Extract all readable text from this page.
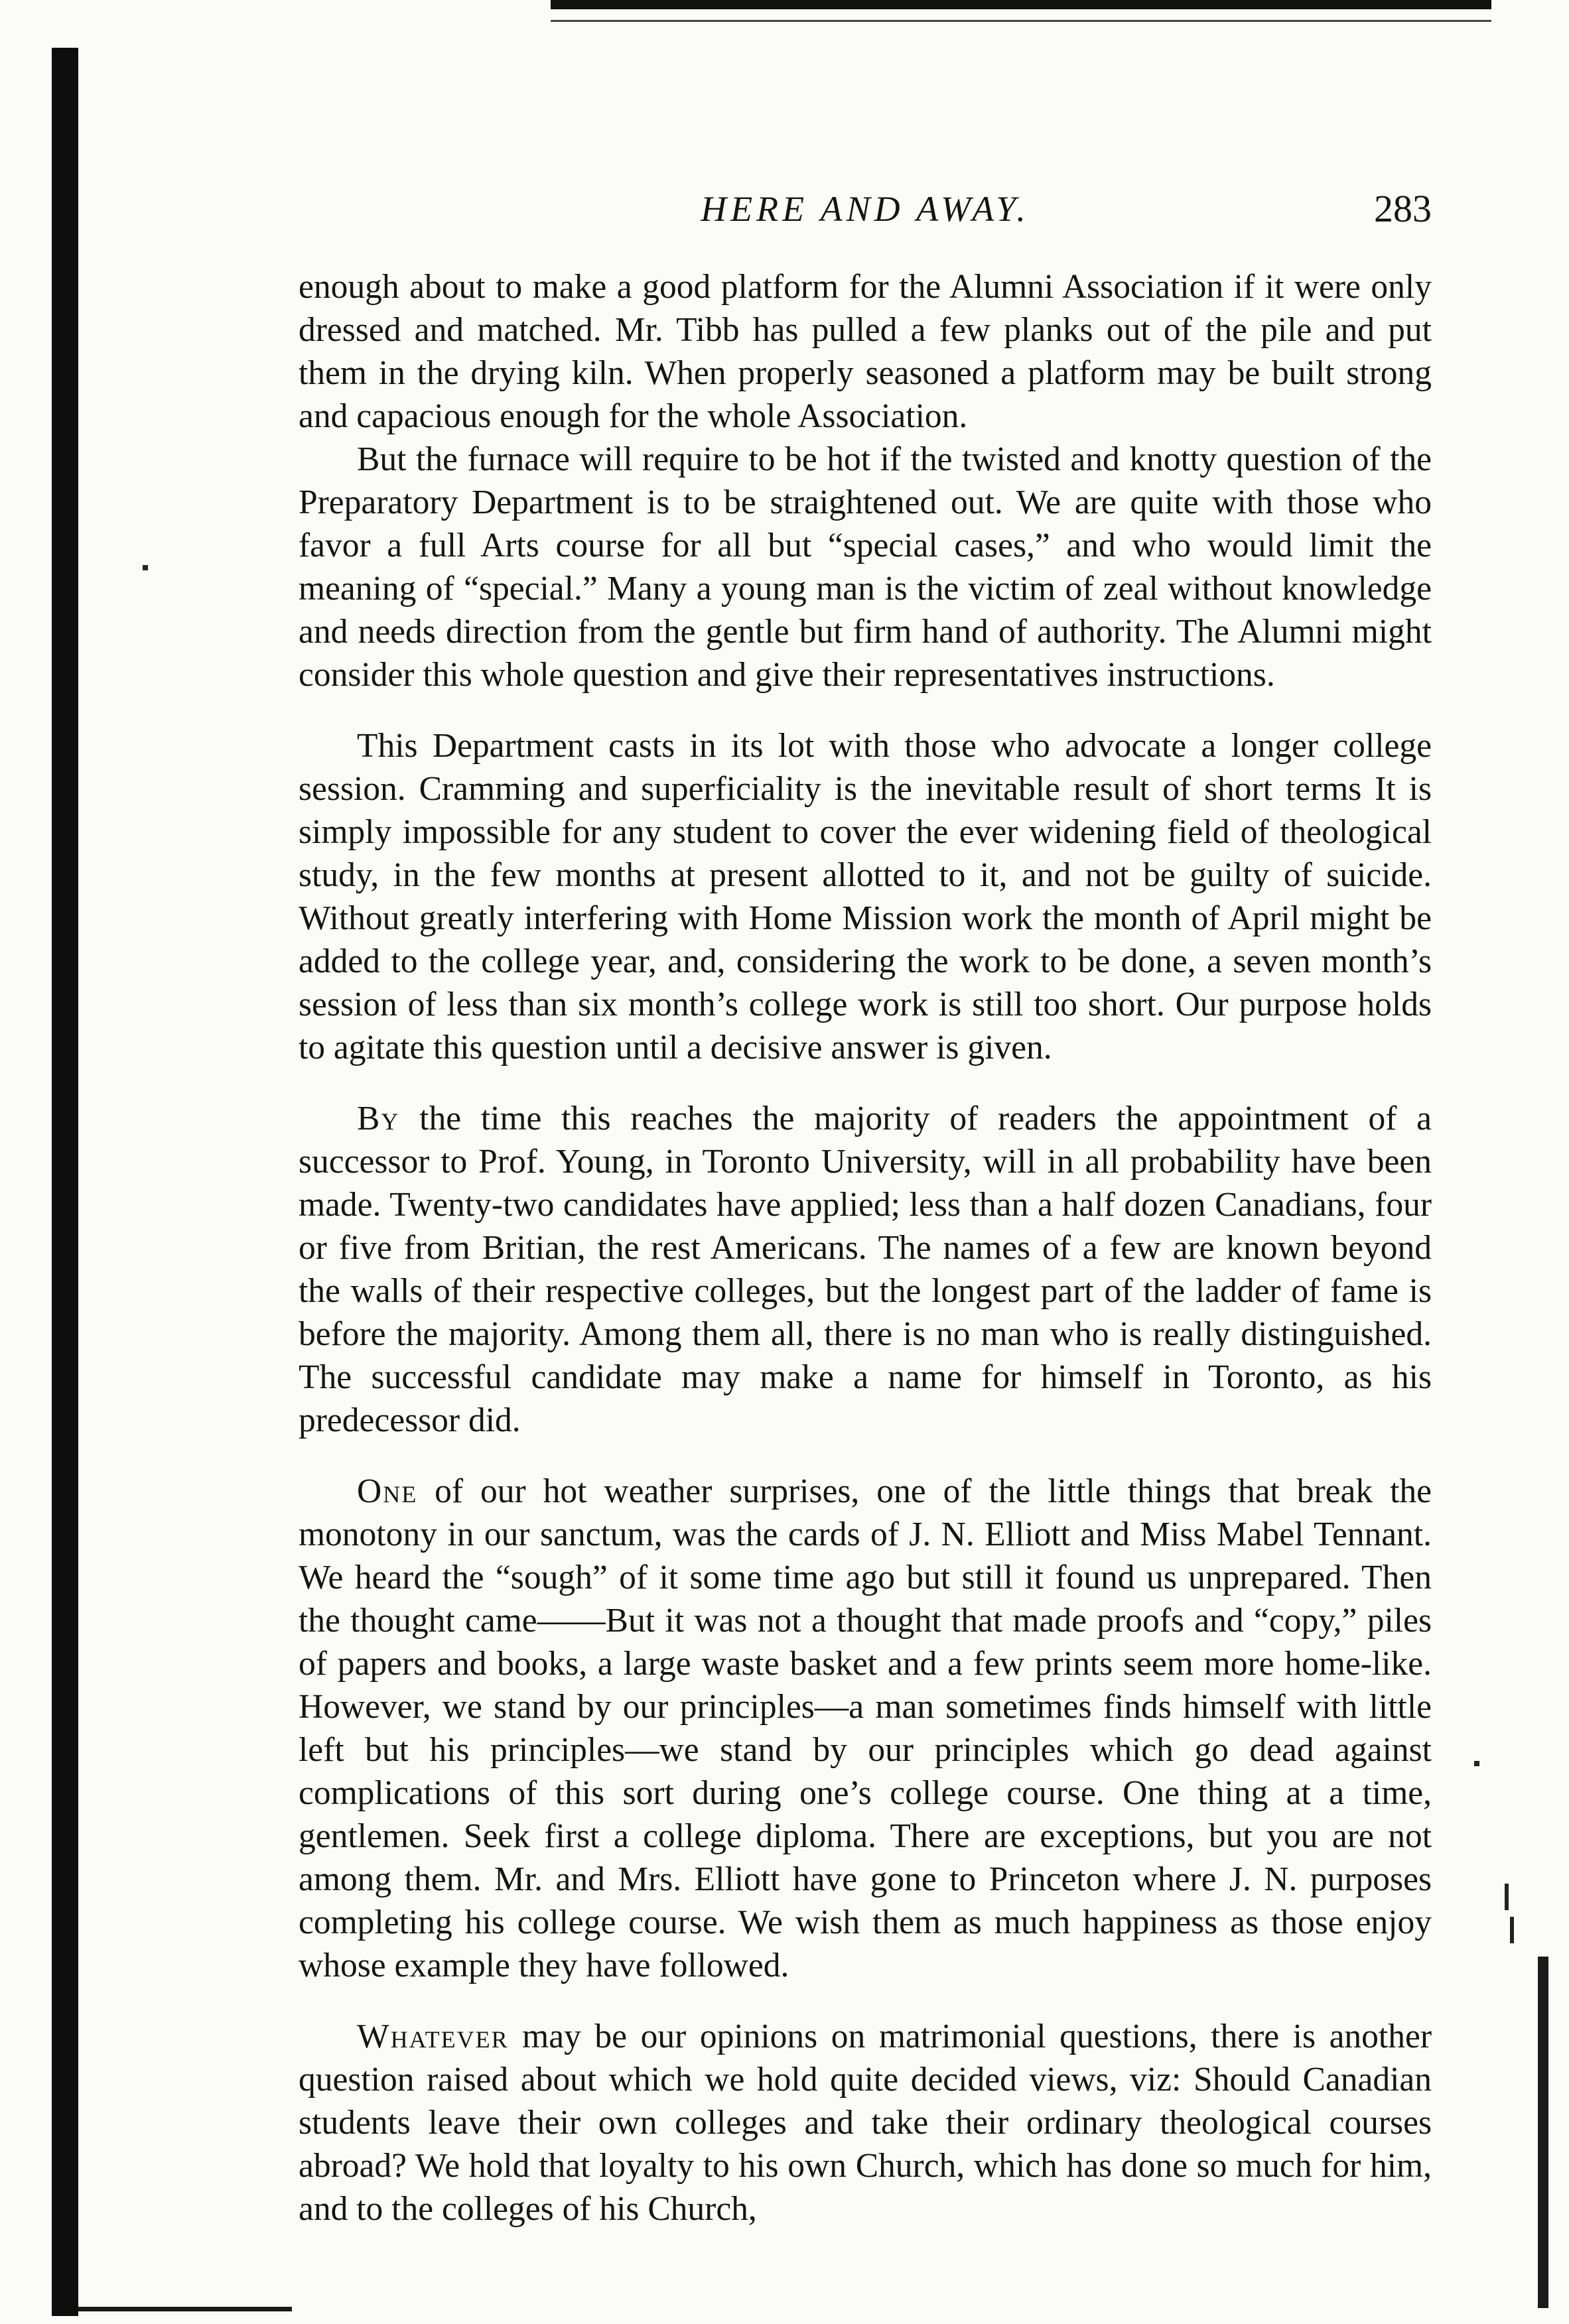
HERE AND AWAY.	283

enough about to make a good platform for the Alumni Association if it were only dressed and matched. Mr. Tibb has pulled a few planks out of the pile and put them in the drying kiln. When properly seasoned a platform may be built strong and capacious enough for the whole Association.

But the furnace will require to be hot if the twisted and knotty question of the Preparatory Department is to be straightened out. We are quite with those who favor a full Arts course for all but “special cases,” and who would limit the meaning of “special.” Many a young man is the victim of zeal without knowledge and needs direction from the gentle but firm hand of authority. The Alumni might consider this whole question and give their representatives instructions.

This Department casts in its lot with those who advocate a longer college session. Cramming and superficiality is the inevitable result of short terms It is simply impossible for any student to cover the ever widening field of theological study, in the few months at present allotted to it, and not be guilty of suicide. Without greatly interfering with Home Mission work the month of April might be added to the college year, and, considering the work to be done, a seven month’s session of less than six month’s college work is still too short. Our purpose holds to agitate this question until a decisive answer is given.

By the time this reaches the majority of readers the appointment of a successor to Prof. Young, in Toronto University, will in all probability have been made. Twenty-two candidates have applied; less than a half dozen Canadians, four or five from Britian, the rest Americans. The names of a few are known beyond the walls of their respective colleges, but the longest part of the ladder of fame is before the majority. Among them all, there is no man who is really distinguished. The successful candidate may make a name for himself in Toronto, as his predecessor did.

One of our hot weather surprises, one of the little things that break the monotony in our sanctum, was the cards of J. N. Elliott and Miss Mabel Tennant. We heard the “sough” of it some time ago but still it found us unprepared. Then the thought came——But it was not a thought that made proofs and “copy,” piles of papers and books, a large waste basket and a few prints seem more home-like. However, we stand by our principles—a man sometimes finds himself with little left but his principles—we stand by our principles which go dead against complications of this sort during one’s college course. One thing at a time, gentlemen. Seek first a college diploma. There are exceptions, but you are not among them. Mr. and Mrs. Elliott have gone to Princeton where J. N. purposes completing his college course. We wish them as much happiness as those enjoy whose example they have followed.

Whatever may be our opinions on matrimonial questions, there is another question raised about which we hold quite decided views, viz: Should Canadian students leave their own colleges and take their ordinary theological courses abroad? We hold that loyalty to his own Church, which has done so much for him, and to the colleges of his Church,
